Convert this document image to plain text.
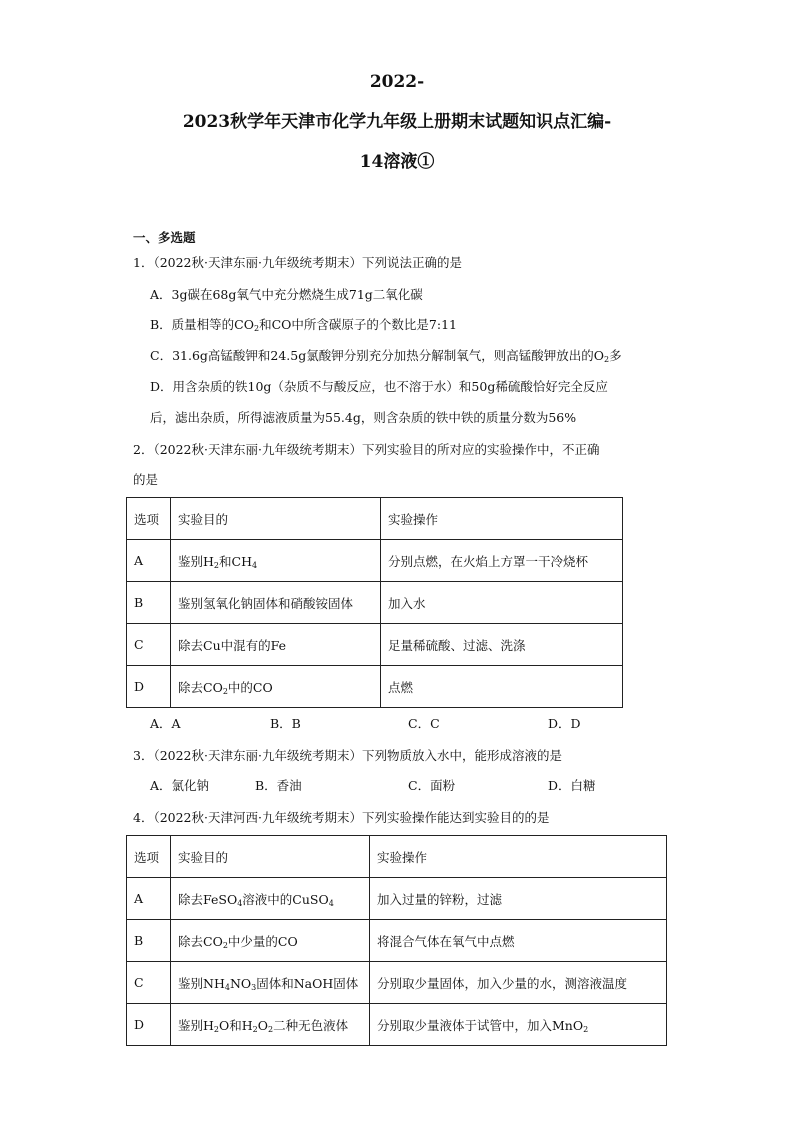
2022-
2023秋学年天津市化学九年级上册期末试题知识点汇编-
14溶液①
一、多选题
1．（2022秋·天津东丽·九年级统考期末）下列说法正确的是
A．3g碳在68g氧气中充分燃烧生成71g二氧化碳
B．质量相等的$CO_2$和CO中所含碳原子的个数比是7:11
C．31.6g高锰酸钾和24.5g氯酸钾分别充分加热分解制氧气，则高锰酸钾放出的$O_2$多
D．用含杂质的铁10g（杂质不与酸反应，也不溶于水）和50g稀硫酸恰好完全反应
后，滤出杂质，所得滤液质量为55.4g，则含杂质的铁中铁的质量分数为56%
2．（2022秋·天津东丽·九年级统考期末）下列实验目的所对应的实验操作中，不正确
的是
选项	实验目的	实验操作
A	鉴别$H_2$和$CH_4$	分别点燃，在火焰上方罩一干冷烧杯
B	鉴别氢氧化钠固体和硝酸铵固体	加入水
C	除去Cu中混有的Fe	足量稀硫酸、过滤、洗涤
D	除去$CO_2$中的CO	点燃
A．A	B．B	C．C	D．D
3．（2022秋·天津东丽·九年级统考期末）下列物质放入水中，能形成溶液的是
A．氯化钠	B．香油	C．面粉	D．白糖
4．（2022秋·天津河西·九年级统考期末）下列实验操作能达到实验目的的是
选项	实验目的	实验操作
A	除去FeSO$_4$溶液中的CuSO$_4$	加入过量的锌粉，过滤
B	除去$CO_2$中少量的CO	将混合气体在氧气中点燃
C	鉴别$NH_4NO_3$固体和NaOH固体	分别取少量固体，加入少量的水，测溶液温度
D	鉴别$H_2O$和$H_2O_2$二种无色液体	分别取少量液体于试管中，加入MnO$_2$
